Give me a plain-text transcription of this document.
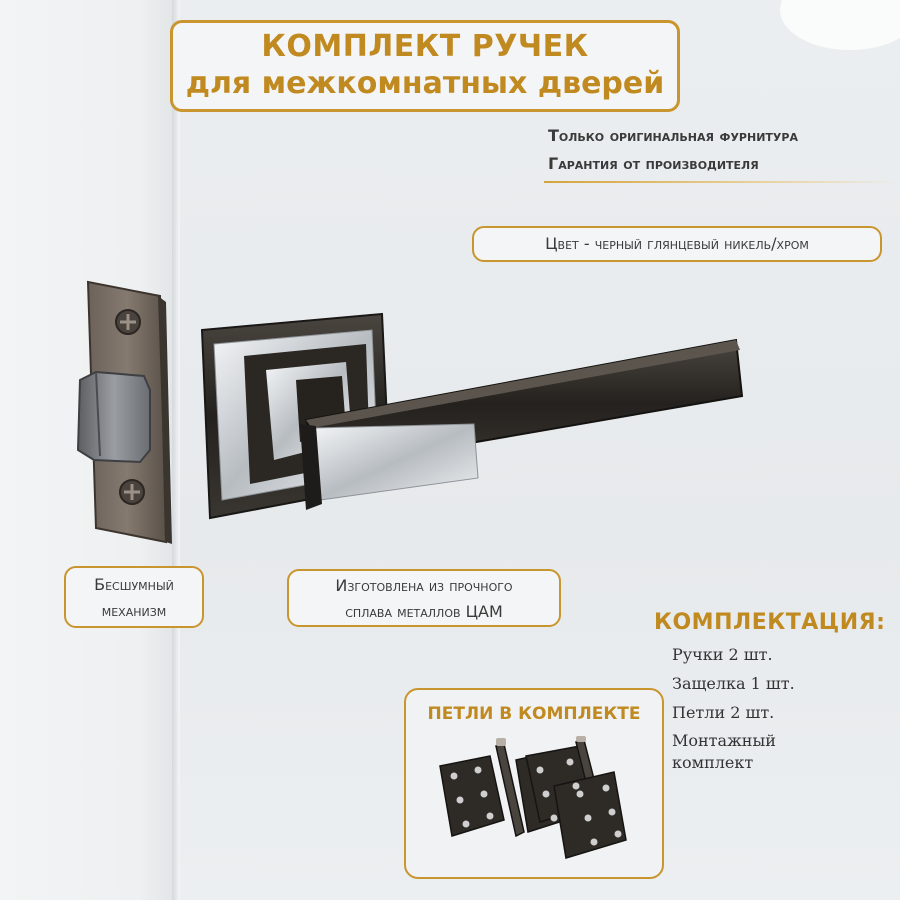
КОМПЛЕКТ РУЧЕК
для межкомнатных дверей
Только оригинальная фурнитура
Гарантия от производителя
Цвет - черный глянцевый никель/хром
Бесшумный
механизм
Изготовлена из прочного
сплава металлов ЦАМ	КОМПЛЕКТАЦИЯ:
Ручки 2 шт.
Защелка 1 шт.
Петли 2 шт.
Монтажный комплект
ПЕТЛИ В КОМПЛЕКТЕ
